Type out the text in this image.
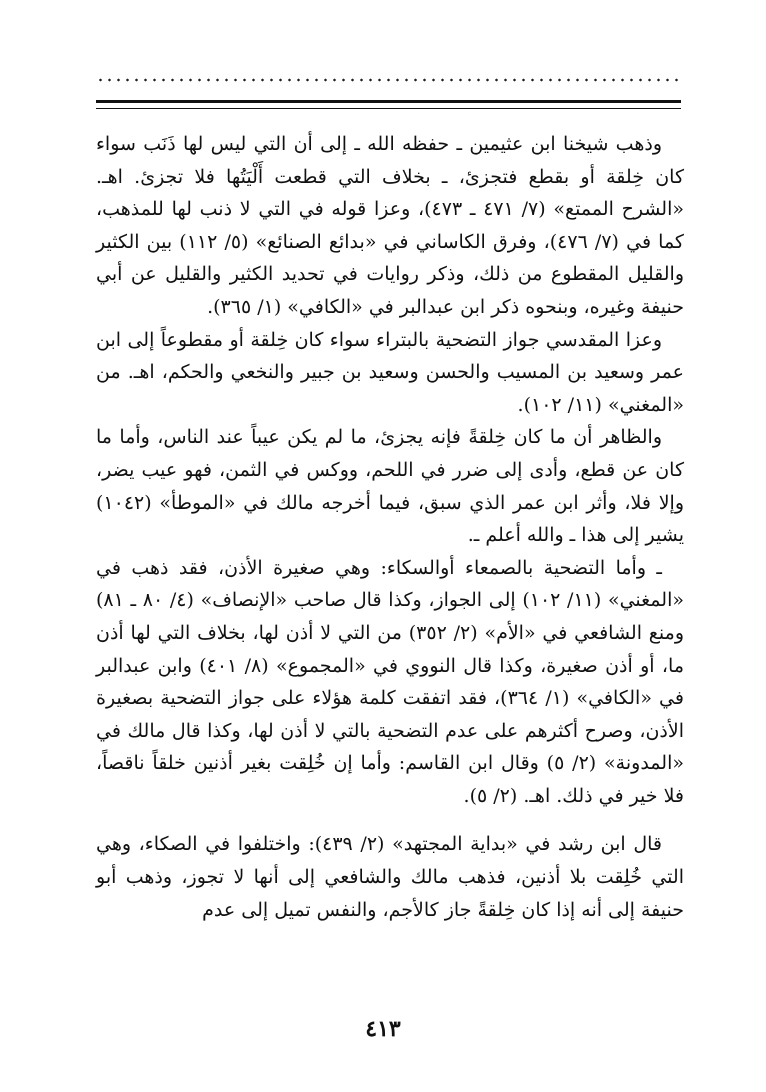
وذهب شيخنا ابن عثيمين ـ حفظه الله ـ إلى أن التي ليس لها ذَنَب سواء كان خِلقة أو بقطع فتجزئ، ـ بخلاف التي قطعت أَلْيَتُها فلا تجزئ. اهـ. «الشرح الممتع» (٧/ ٤٧١ ـ ٤٧٣)، وعزا قوله في التي لا ذنب لها للمذهب، كما في (٧/ ٤٧٦)، وفرق الكاساني في «بدائع الصنائع» (٥/ ١١٢) بين الكثير والقليل المقطوع من ذلك، وذكر روايات في تحديد الكثير والقليل عن أبي حنيفة وغيره، وبنحوه ذكر ابن عبدالبر في «الكافي» (١/ ٣٦٥).

وعزا المقدسي جواز التضحية بالبتراء سواء كان خِلقة أو مقطوعاً إلى ابن عمر وسعيد بن المسيب والحسن وسعيد بن جبير والنخعي والحكم، اهـ. من «المغني» (١١/ ١٠٢).

والظاهر أن ما كان خِلقةً فإنه يجزئ، ما لم يكن عيباً عند الناس، وأما ما كان عن قطع، وأدى إلى ضرر في اللحم، ووكس في الثمن، فهو عيب يضر، وإلا فلا، وأثر ابن عمر الذي سبق، فيما أخرجه مالك في «الموطأ» (١٠٤٢) يشير إلى هذا ـ والله أعلم ـ.

ـ وأما التضحية بالصمعاء أوالسكاء: وهي صغيرة الأذن، فقد ذهب في «المغني» (١١/ ١٠٢) إلى الجواز، وكذا قال صاحب «الإنصاف» (٤/ ٨٠ ـ ٨١) ومنع الشافعي في «الأم» (٢/ ٣٥٢) من التي لا أذن لها، بخلاف التي لها أذن ما، أو أذن صغيرة، وكذا قال النووي في «المجموع» (٨/ ٤٠١) وابن عبدالبر في «الكافي» (١/ ٣٦٤)، فقد اتفقت كلمة هؤلاء على جواز التضحية بصغيرة الأذن، وصرح أكثرهم على عدم التضحية بالتي لا أذن لها، وكذا قال مالك في «المدونة» (٢/ ٥) وقال ابن القاسم: وأما إن خُلِقت بغير أذنين خلقاً ناقصاً، فلا خير في ذلك. اهـ. (٢/ ٥).

قال ابن رشد في «بداية المجتهد» (٢/ ٤٣٩): واختلفوا في الصكاء، وهي التي خُلِقت بلا أذنين، فذهب مالك والشافعي إلى أنها لا تجوز، وذهب أبو حنيفة إلى أنه إذا كان خِلقةً جاز كالأجم، والنفس تميل إلى عدم

٤١٣
